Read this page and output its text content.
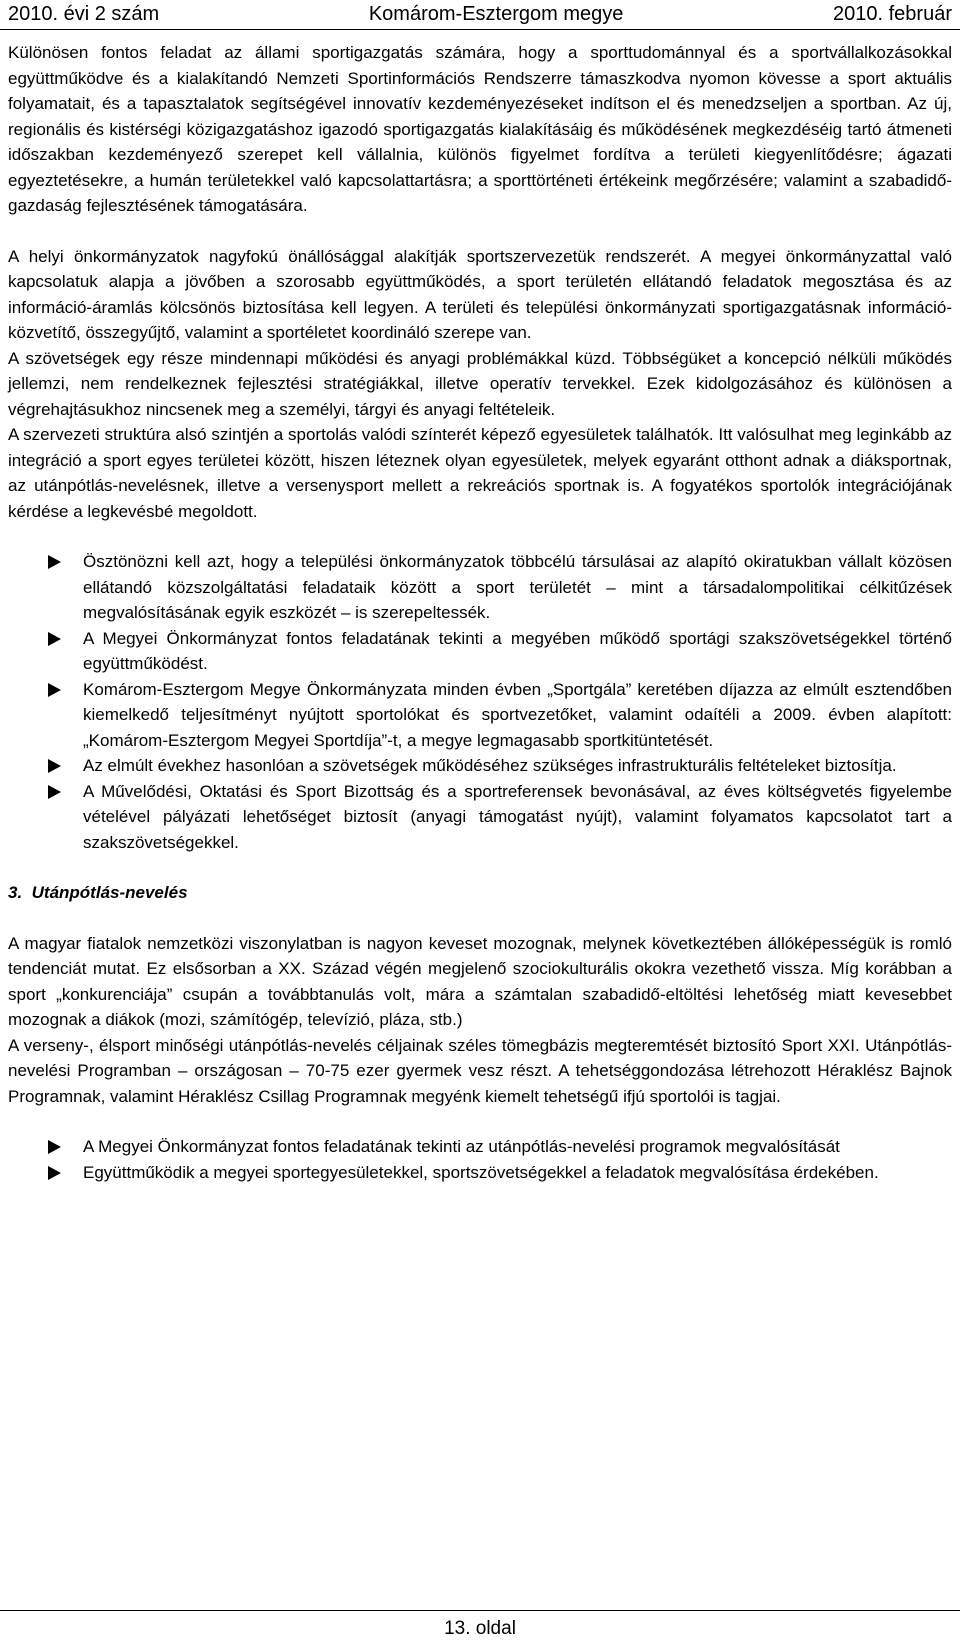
2010. évi 2 szám	Komárom-Esztergom megye	2010. február

Különösen fontos feladat az állami sportigazgatás számára, hogy a sporttudománnyal és a sportvállalkozásokkal együttműködve és a kialakítandó Nemzeti Sportinformációs Rendszerre támaszkodva nyomon kövesse a sport aktuális folyamatait, és a tapasztalatok segítségével innovatív kezdeményezéseket indítson el és menedzseljen a sportban. Az új, regionális és kistérségi közigazgatáshoz igazodó sportigazgatás kialakításáig és működésének megkezdéséig tartó átmeneti időszakban kezdeményező szerepet kell vállalnia, különös figyelmet fordítva a területi kiegyenlítődésre; ágazati egyeztetésekre, a humán területekkel való kapcsolattartásra; a sporttörténeti értékeink megőrzésére; valamint a szabadidő-gazdaság fejlesztésének támogatására.

A helyi önkormányzatok nagyfokú önállósággal alakítják sportszervezetük rendszerét. A megyei önkormányzattal való kapcsolatuk alapja a jövőben a szorosabb együttműködés, a sport területén ellátandó feladatok megosztása és az információ-áramlás kölcsönös biztosítása kell legyen. A területi és települési önkormányzati sportigazgatásnak információ-közvetítő, összegyűjtő, valamint a sportéletet koordináló szerepe van.

A szövetségek egy része mindennapi működési és anyagi problémákkal küzd. Többségüket a koncepció nélküli működés jellemzi, nem rendelkeznek fejlesztési stratégiákkal, illetve operatív tervekkel. Ezek kidolgozásához és különösen a végrehajtásukhoz nincsenek meg a személyi, tárgyi és anyagi feltételeik.

A szervezeti struktúra alsó szintjén a sportolás valódi színterét képező egyesületek találhatók. Itt valósulhat meg leginkább az integráció a sport egyes területei között, hiszen léteznek olyan egyesületek, melyek egyaránt otthont adnak a diáksportnak, az utánpótlás-nevelésnek, illetve a versenysport mellett a rekreációs sportnak is. A fogyatékos sportolók integrációjának kérdése a legkevésbé megoldott.

Ösztönözni kell azt, hogy a települési önkormányzatok többcélú társulásai az alapító okiratukban vállalt közösen ellátandó közszolgáltatási feladataik között a sport területét – mint a társadalompolitikai célkitűzések megvalósításának egyik eszközét – is szerepeltessék.

A Megyei Önkormányzat fontos feladatának tekinti a megyében működő sportági szakszövetségekkel történő együttműködést.

Komárom-Esztergom Megye Önkormányzata minden évben „Sportgála” keretében díjazza az elmúlt esztendőben kiemelkedő teljesítményt nyújtott sportolókat és sportvezetőket, valamint odaítéli a 2009. évben alapított: „Komárom-Esztergom Megyei Sportdíja”-t, a megye legmagasabb sportkitüntetését.

Az elmúlt évekhez hasonlóan a szövetségek működéséhez szükséges infrastrukturális feltételeket biztosítja.

A Művelődési, Oktatási és Sport Bizottság és a sportreferensek bevonásával, az éves költségvetés figyelembe vételével pályázati lehetőséget biztosít (anyagi támogatást nyújt), valamint folyamatos kapcsolatot tart a szakszövetségekkel.

3. Utánpótlás-nevelés

A magyar fiatalok nemzetközi viszonylatban is nagyon keveset mozognak, melynek következtében állóképességük is romló tendenciát mutat. Ez elsősorban a XX. Század végén megjelenő szociokulturális okokra vezethető vissza. Míg korábban a sport „konkurenciája” csupán a továbbtanulás volt, mára a számtalan szabadidő-eltöltési lehetőség miatt kevesebbet mozognak a diákok (mozi, számítógép, televízió, pláza, stb.)

A verseny-, élsport minőségi utánpótlás-nevelés céljainak széles tömegbázis megteremtését biztosító Sport XXI. Utánpótlás-nevelési Programban – országosan – 70-75 ezer gyermek vesz részt. A tehetséggondozása létrehozott Héraklész Bajnok Programnak, valamint Héraklész Csillag Programnak megyénk kiemelt tehetségű ifjú sportolói is tagjai.

A Megyei Önkormányzat fontos feladatának tekinti az utánpótlás-nevelési programok megvalósítását

Együttműködik a megyei sportegyesületekkel, sportszövetségekkel a feladatok megvalósítása érdekében.

13. oldal
